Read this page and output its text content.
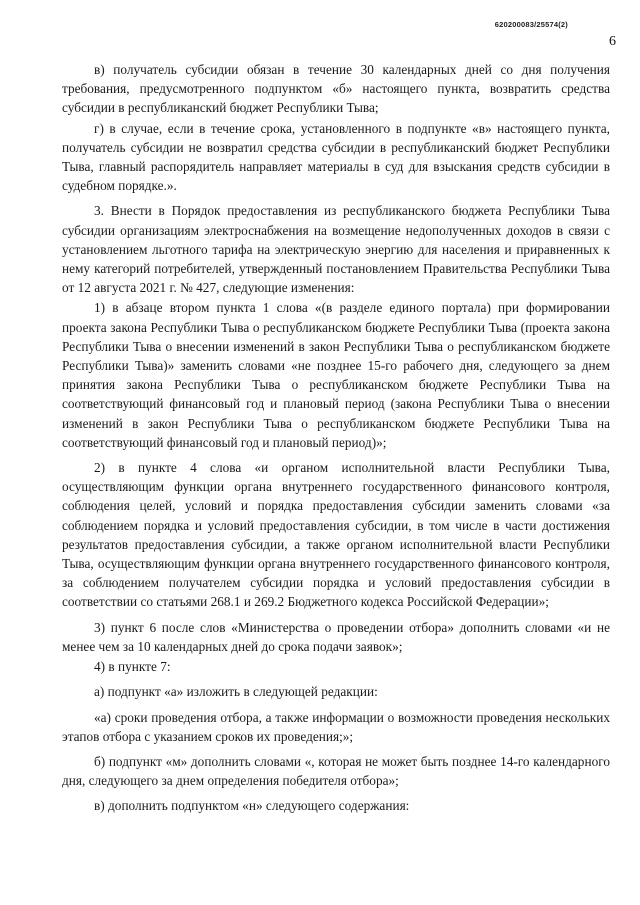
620200083/25574(2)
6

в) получатель субсидии обязан в течение 30 календарных дней со дня получения требования, предусмотренного подпунктом «б» настоящего пункта, возвратить средства субсидии в республиканский бюджет Республики Тыва;

г) в случае, если в течение срока, установленного в подпункте «в» настоящего пункта, получатель субсидии не возвратил средства субсидии в республиканский бюджет Республики Тыва, главный распорядитель направляет материалы в суд для взыскания средств субсидии в судебном порядке.».

3. Внести в Порядок предоставления из республиканского бюджета Республики Тыва субсидии организациям электроснабжения на возмещение недополученных доходов в связи с установлением льготного тарифа на электрическую энергию для населения и приравненных к нему категорий потребителей, утвержденный постановлением Правительства Республики Тыва от 12 августа 2021 г. № 427, следующие изменения:

1) в абзаце втором пункта 1 слова «(в разделе единого портала) при формировании проекта закона Республики Тыва о республиканском бюджете Республики Тыва (проекта закона Республики Тыва о внесении изменений в закон Республики Тыва о республиканском бюджете Республики Тыва)» заменить словами «не позднее 15-го рабочего дня, следующего за днем принятия закона Республики Тыва о республиканском бюджете Республики Тыва на соответствующий финансовый год и плановый период (закона Республики Тыва о внесении изменений в закон Республики Тыва о республиканском бюджете Республики Тыва на соответствующий финансовый год и плановый период)»;

2) в пункте 4 слова «и органом исполнительной власти Республики Тыва, осуществляющим функции органа внутреннего государственного финансового контроля, соблюдения целей, условий и порядка предоставления субсидии заменить словами «за соблюдением порядка и условий предоставления субсидии, в том числе в части достижения результатов предоставления субсидии, а также органом исполнительной власти Республики Тыва, осуществляющим функции органа внутреннего государственного финансового контроля, за соблюдением получателем субсидии порядка и условий предоставления субсидии в соответствии со статьями 268.1 и 269.2 Бюджетного кодекса Российской Федерации»;

3) пункт 6 после слов «Министерства о проведении отбора» дополнить словами «и не менее чем за 10 календарных дней до срока подачи заявок»;

4) в пункте 7:

а) подпункт «а» изложить в следующей редакции:

«а) сроки проведения отбора, а также информации о возможности проведения нескольких этапов отбора с указанием сроков их проведения;»;

б) подпункт «м» дополнить словами «, которая не может быть позднее 14-го календарного дня, следующего за днем определения победителя отбора»;

в) дополнить подпунктом «н» следующего содержания:
